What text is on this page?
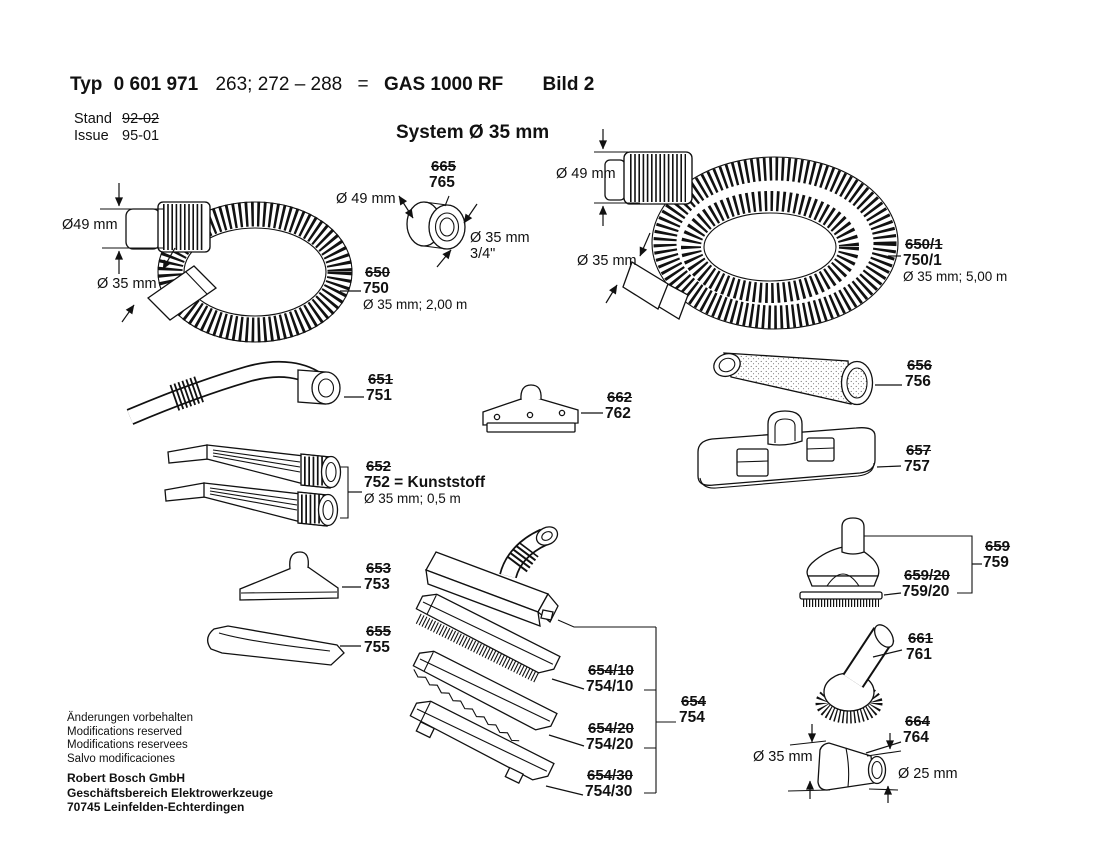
Typ 0 601 971 263; 272 – 288 = GAS 1000 RF Bild 2
Stand 92-02
Issue 95-01	System Ø 35 mm
665
765
650
750
Ø 35 mm; 2,00 m
650/1
750/1
Ø 35 mm; 5,00 m
651
751
652
752 = Kunststoff
Ø 35 mm; 0,5 m
653
753
655
755
662
762
656
756
657
757
659
759
659/20
759/20
661
761
664
764
654
754
654/10
754/10
654/20
754/20
654/30
754/30
Ø49 mm
Ø 35 mm
Ø 49 mm
Ø 35 mm
3/4"
Ø 49 mm
Ø 35 mm
Ø 35 mm
Ø 25 mm
Änderungen vorbehalten
Modifications reserved
Modifications reservees
Salvo modificaciones
Robert Bosch GmbH
Geschäftsbereich Elektrowerkzeuge
70745 Leinfelden-Echterdingen
